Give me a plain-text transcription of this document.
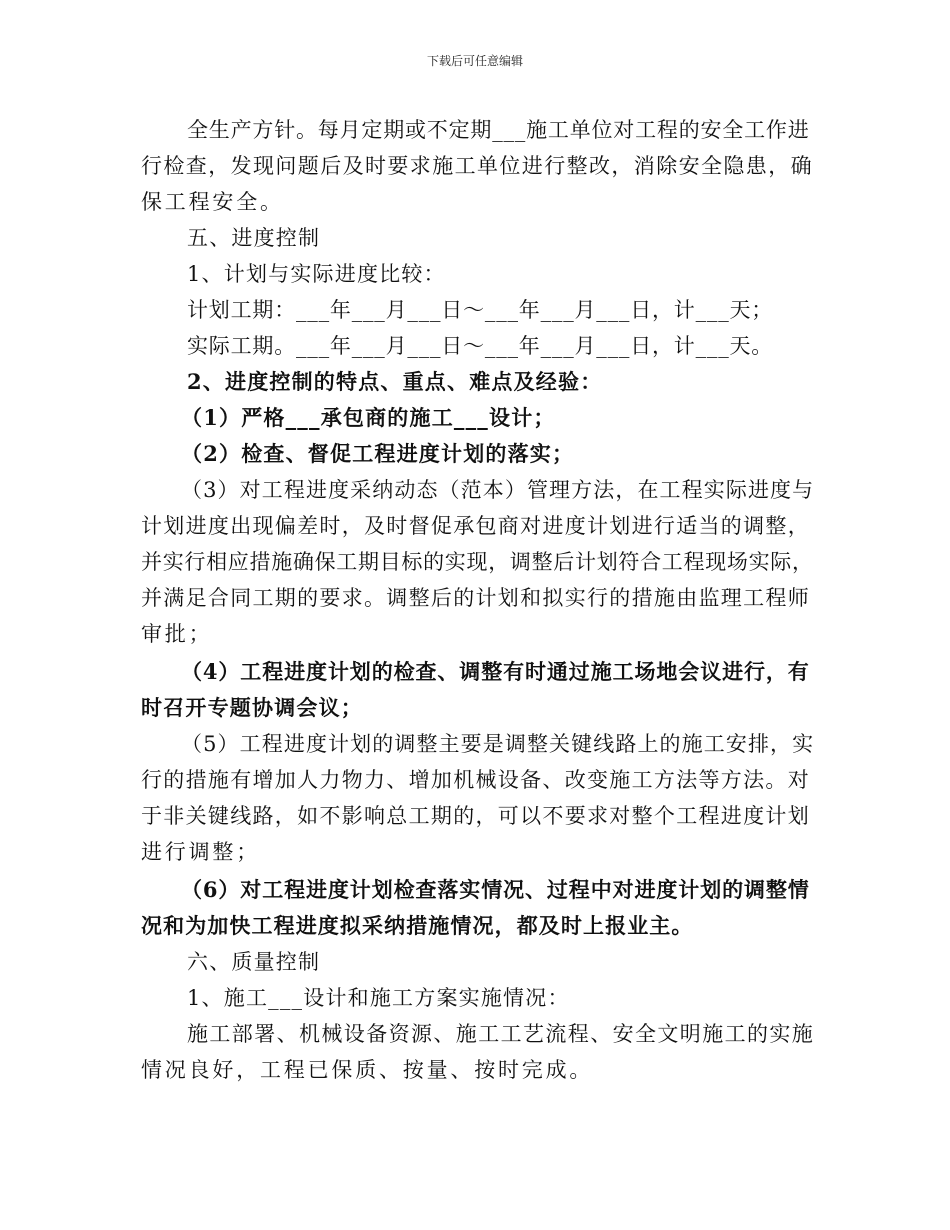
下载后可任意编辑
全生产方针。每月定期或不定期___施工单位对工程的安全工作进
行检查，发现问题后及时要求施工单位进行整改，消除安全隐患，确
保工程安全。
五、进度控制
1、计划与实际进度比较：
计划工期：___年___月___日～___年___月___日，计___天；
实际工期。___年___月___日～___年___月___日，计___天。
2、进度控制的特点、重点、难点及经验：
（1）严格___承包商的施工___设计；
（2）检查、督促工程进度计划的落实；
（3）对工程进度采纳动态（范本）管理方法，在工程实际进度与
计划进度出现偏差时，及时督促承包商对进度计划进行适当的调整，
并实行相应措施确保工期目标的实现，调整后计划符合工程现场实际，
并满足合同工期的要求。调整后的计划和拟实行的措施由监理工程师
审批；
（4）工程进度计划的检查、调整有时通过施工场地会议进行，有
时召开专题协调会议；
（5）工程进度计划的调整主要是调整关键线路上的施工安排，实
行的措施有增加人力物力、增加机械设备、改变施工方法等方法。对
于非关键线路，如不影响总工期的，可以不要求对整个工程进度计划
进行调整；
（6）对工程进度计划检查落实情况、过程中对进度计划的调整情
况和为加快工程进度拟采纳措施情况，都及时上报业主。
六、质量控制
1、施工___设计和施工方案实施情况：
施工部署、机械设备资源、施工工艺流程、安全文明施工的实施
情况良好，工程已保质、按量、按时完成。
